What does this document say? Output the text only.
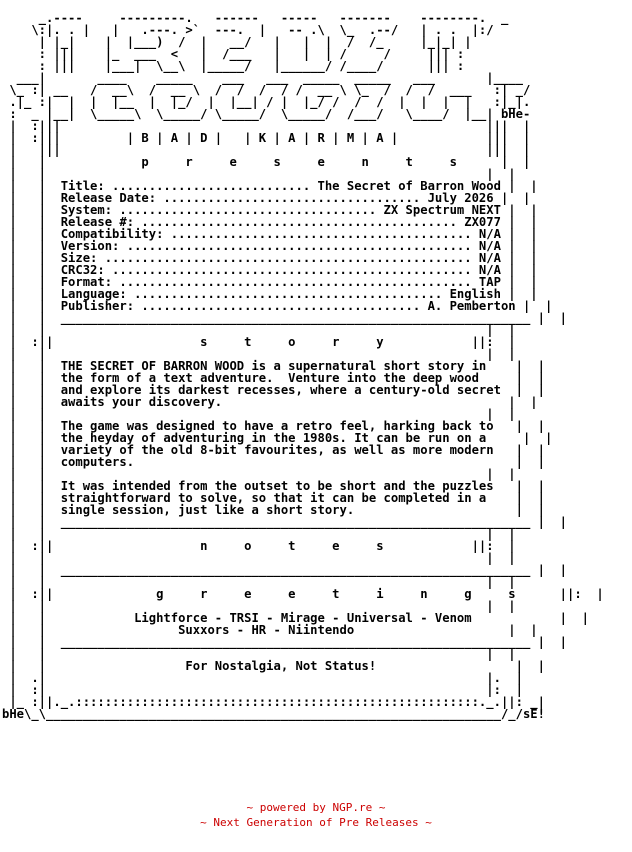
_.----     ---------.   ------   -----   -------    --------.  _
\:|. . |   |   .---. >`  ---.  |   -- .\  \_  .--/   | . .  |:/
| |_|    |  |___)  /  |   __/   |   |  |  /  /_     |_|_| |
: |||    |_  ___  <   |  /___   |   |  | /     /     ||| :
: |||    |___|  \__\  |_____/   |______/ /____/      ||| :
___|       ____    _____    ___   ___  _____  _____   ___       |____
\_ :| __   /  __\  /  __ \  /  /  /  / /  __ \ \_  /  /  /  ___   :| _/
.|_ :|  |  |  |__  |  |_/  |  |__| / |  |_/ /  /  /  |  |  |  |   :|_|.
:  _ |__|  \_____\  \_____/ \_____/  \_____/  /___/   \____/  |__| bHe-
|  :|||                                                          |||  |
|  :|||         | B | A | D |   | K | A | R | M | A |            |||  |
|   |||                                                          |||  |
|   |             p     r     e     s     e     n     t     s      |  |
|   |                                                            |  |
|   |  Title: ........................... The Secret of Barron Wood |  |
|   |  Release Date: ................................... July 2026 |  |
|   |  System: ................................... ZX Spectrum NEXT |  |
|   |  Release #: ........................................... ZX077 |  |
|   |  Compatibility: ......................................... N/A |  |
|   |  Version: ............................................... N/A |  |
|   |  Size: .................................................. N/A |  |
|   |  CRC32: ................................................. N/A |  |
|   |  Format: ................................................ TAP |  |
|   |  Language: .......................................... English |  |
|   |  Publisher: ...................................... A. Pemberton |  |
|   |  ________________________________________________________________ |  |
|   |                                                            |  |
|  :||                    s     t     o     r     y            ||:  |
|   |                                                            |  |
|   |  THE SECRET OF BARRON WOOD is a supernatural short story in    |  |
|   |  the form of a text adventure.  Venture into the deep wood     |  |
|   |  and explore its darkest recesses, where a century-old secret  |  |
|   |  awaits your discovery.                                       |  |
|   |                                                            |  |
|   |  The game was designed to have a retro feel, harking back to   |  |
|   |  the heyday of adventuring in the 1980s. It can be run on a     |  |
|   |  variety of the old 8-bit favourites, as well as more modern   |  |
|   |  computers.                                                    |  |
|   |                                                            |  |
|   |  It was intended from the outset to be short and the puzzles   |  |
|   |  straightforward to solve, so that it can be completed in a    |  |
|   |  single session, just like a short story.                      |  |
|   |  ________________________________________________________________ |  |
|   |                                                            |  |
|  :||                    n     o     t     e     s            ||:  |
|   |                                                            |  |
|   |  ________________________________________________________________ |  |
|   |                                                            |  |
|  :||              g     r     e     e     t     i     n     g     s      ||:  |
|   |                                                            |  |
|   |            Lightforce - TRSI - Mirage - Universal - Venom            |  |
|   |                  Suxxors - HR - Niintendo                     |  |
|   |  ________________________________________________________________ |  |
|   |                                                            |  |
|   |                   For Nostalgia, Not Status!                   |  |
|  .|                                                            |.  |
|  :|                                                            |:  |
|_ :||._.:::::::::::::::::::::::::::::::::::::::::::::::::::::::._.||: _|
bHe\_\______________________________________________________________/_/sE!

~ powered by NGP.re ~
~ Next Generation of Pre Releases ~
